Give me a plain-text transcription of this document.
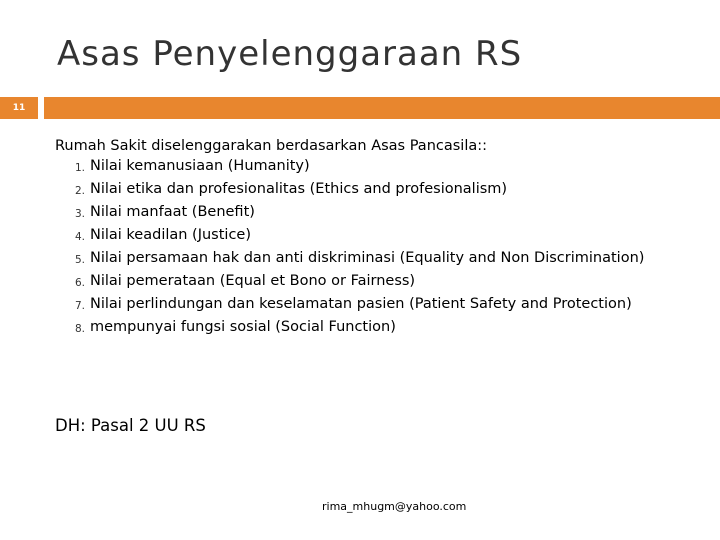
Asas Penyelenggaraan RS
11

Rumah Sakit diselenggarakan berdasarkan Asas Pancasila::

1. Nilai kemanusiaan (Humanity)
2. Nilai etika dan profesionalitas (Ethics and profesionalism)
3. Nilai manfaat (Benefit)
4. Nilai keadilan (Justice)
5. Nilai persamaan hak dan anti diskriminasi (Equality and Non Discrimination)
6. Nilai pemerataan (Equal et Bono or Fairness)
7. Nilai perlindungan dan keselamatan pasien (Patient Safety and Protection)
8. mempunyai fungsi sosial (Social Function)
DH: Pasal 2 UU RS
rima_mhugm@yahoo.com
